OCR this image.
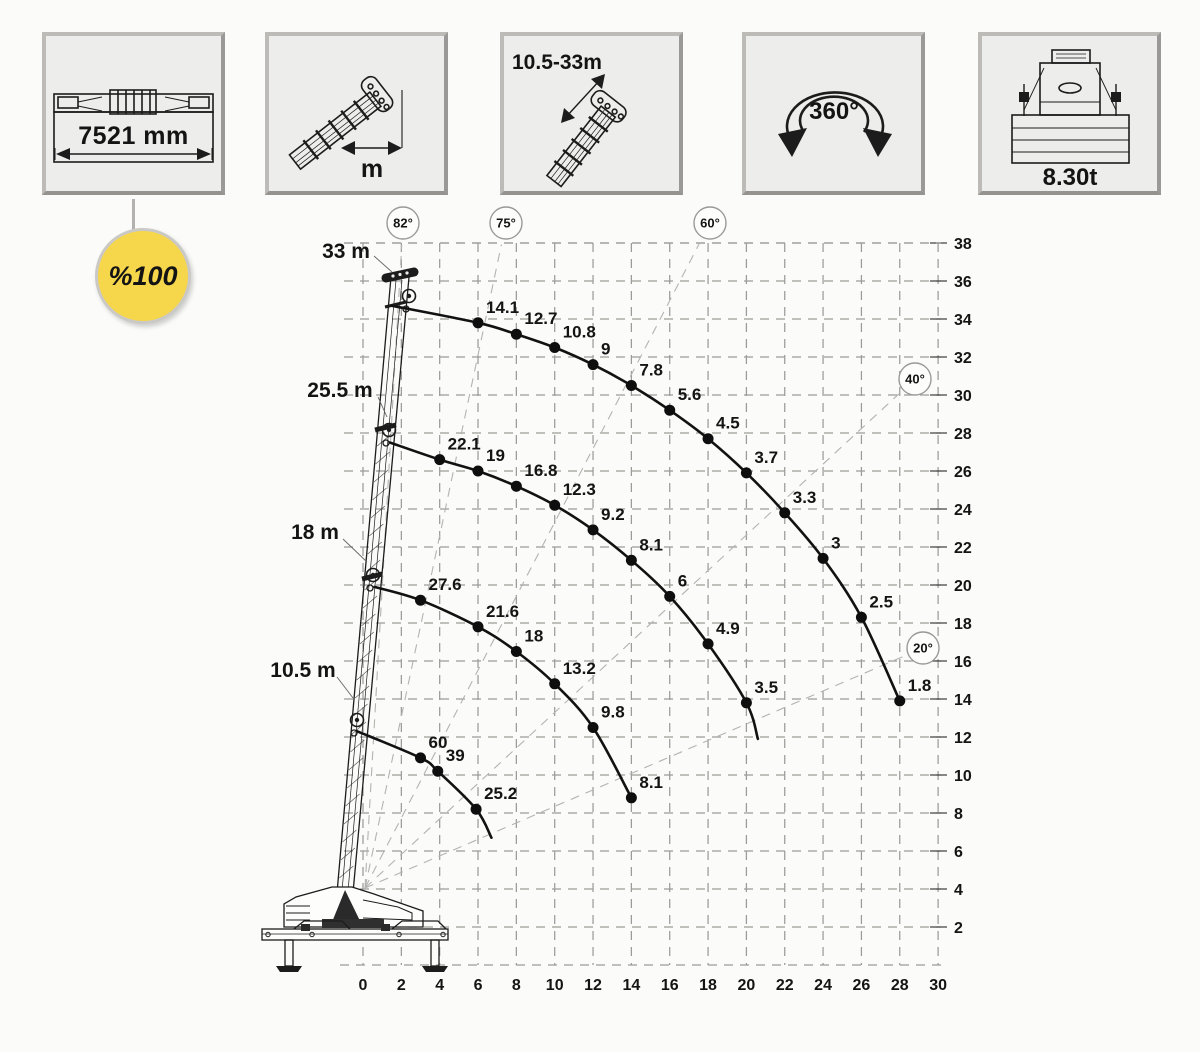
7521 mm
m
10.5-33m
360°
8.30t
%100
0 2 4 6 8 10 12 14 16 18 20 22 24 26 28 30
2
4
6
8
10
12
14
16
18
20
22
24
26
28
30
32
34
36
38
82°	75°	60°
40°
20°
14.1
12.7
10.8
9
7.8
5.6
4.5
3.7
3.3
3
2.5
1.8
33 m
22.1
19
16.8
12.3
9.2
8.1
6
4.9
3.5
25.5 m
27.6
21.6
18
13.2
9.8
8.1
18 m
60
39
25.2
10.5 m
